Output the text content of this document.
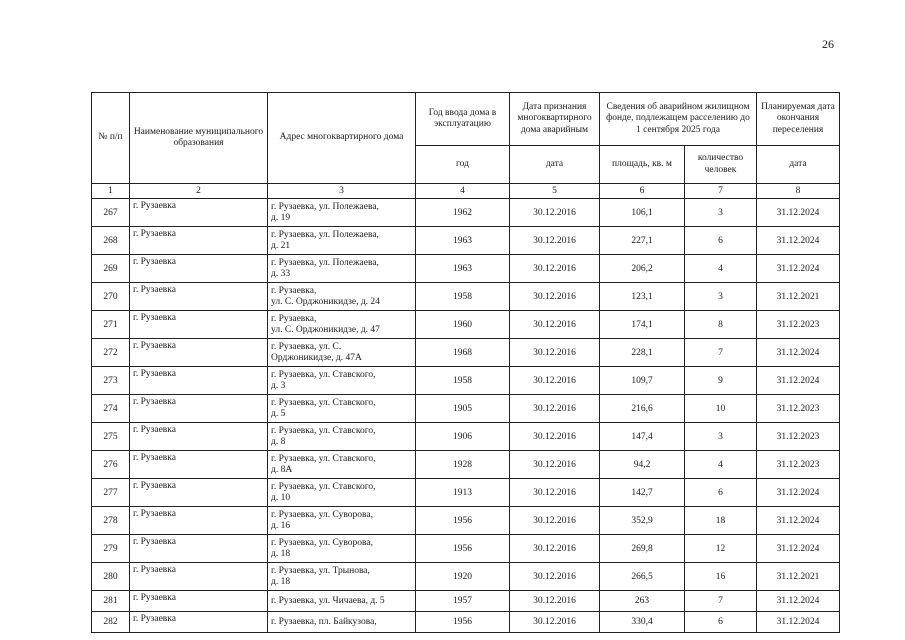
26
№ п/п	Наименование муниципального образования	Адрес многоквартирного дома	Год ввода дома в эксплуатацию	Дата признания многоквартирного дома аварийным	Сведения об аварийном жилищном фонде, подлежащем расселению до 1 сентября 2025 года		Планируемая дата окончания переселения
			год	дата	площадь, кв. м	количество человек	дата
1	2	3	4	5	6	7	8
267	г. Рузаевка	г. Рузаевка, ул. Полежаева,
д. 19	1962	30.12.2016	106,1	3	31.12.2024
268	г. Рузаевка	г. Рузаевка, ул. Полежаева,
д. 21	1963	30.12.2016	227,1	6	31.12.2024
269	г. Рузаевка	г. Рузаевка, ул. Полежаева,
д. 33	1963	30.12.2016	206,2	4	31.12.2024
270	г. Рузаевка	г. Рузаевка,
ул. С. Орджоникидзе, д. 24	1958	30.12.2016	123,1	3	31.12.2021
271	г. Рузаевка	г. Рузаевка,
ул. С. Орджоникидзе, д. 47	1960	30.12.2016	174,1	8	31.12.2023
272	г. Рузаевка	г. Рузаевка, ул. С.
Орджоникидзе, д. 47А	1968	30.12.2016	228,1	7	31.12.2024
273	г. Рузаевка	г. Рузаевка, ул. Ставского,
д. 3	1958	30.12.2016	109,7	9	31.12.2024
274	г. Рузаевка	г. Рузаевка, ул. Ставского,
д. 5	1905	30.12.2016	216,6	10	31.12.2023
275	г. Рузаевка	г. Рузаевка, ул. Ставского,
д. 8	1906	30.12.2016	147,4	3	31.12.2023
276	г. Рузаевка	г. Рузаевка, ул. Ставского,
д. 8А	1928	30.12.2016	94,2	4	31.12.2023
277	г. Рузаевка	г. Рузаевка, ул. Ставского,
д. 10	1913	30.12.2016	142,7	6	31.12.2024
278	г. Рузаевка	г. Рузаевка, ул. Суворова,
д. 16	1956	30.12.2016	352,9	18	31.12.2024
279	г. Рузаевка	г. Рузаевка, ул. Суворова,
д. 18	1956	30.12.2016	269,8	12	31.12.2024
280	г. Рузаевка	г. Рузаевка, ул. Трынова,
д. 18	1920	30.12.2016	266,5	16	31.12.2021
281	г. Рузаевка	г. Рузаевка, ул. Чичаева, д. 5	1957	30.12.2016	263	7	31.12.2024
282	г. Рузаевка	г. Рузаевка, пл. Байкузова,	1956	30.12.2016	330,4	6	31.12.2024
